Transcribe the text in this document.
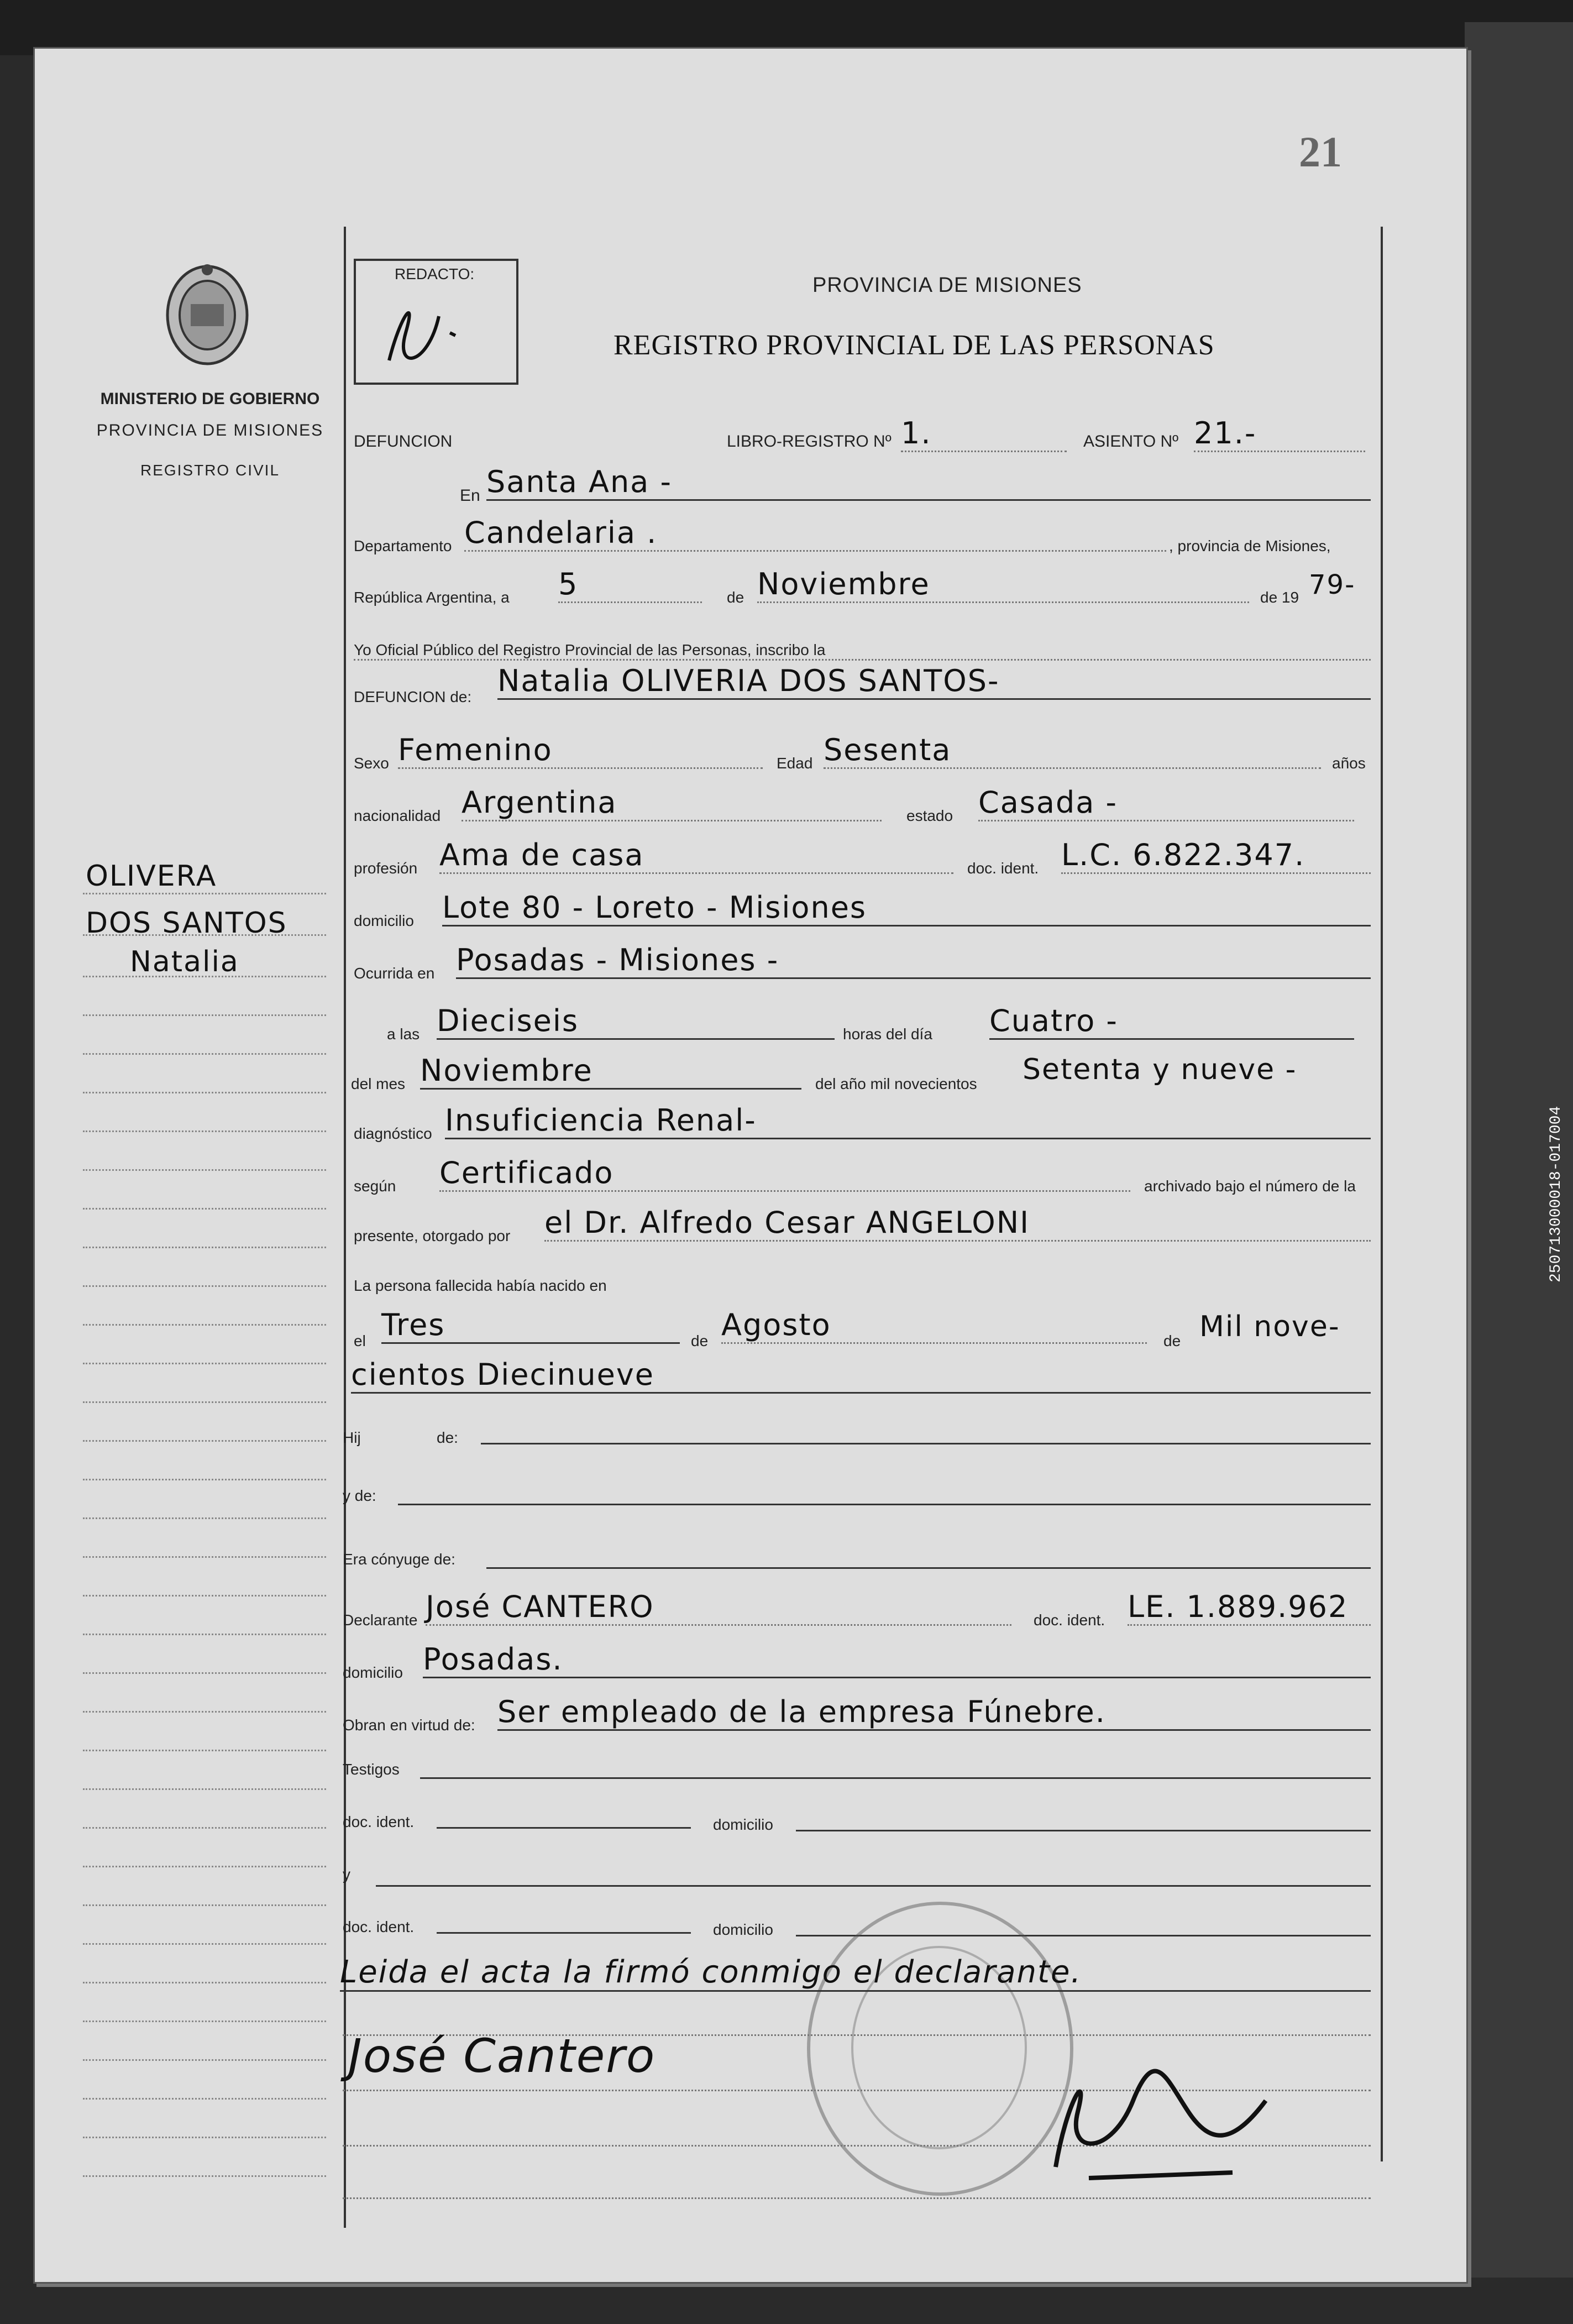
250713000018-017004
21
MINISTERIO DE GOBIERNO
PROVINCIA DE MISIONES
REGISTRO CIVIL
REDACTO:	PROVINCIA DE MISIONES
REGISTRO PROVINCIAL DE LAS PERSONAS
DEFUNCION	LIBRO-REGISTRO Nº 1.	ASIENTO Nº 21.-
OLIVERA
DOS SANTOS
Natalia
En Santa Ana -
Departamento Candelaria .	, provincia de Misiones,
República Argentina, a 5	de Noviembre	de 19 79-
Yo Oficial Público del Registro Provincial de las Personas, inscribo la
DEFUNCION de: Natalia OLIVERIA DOS SANTOS-
Sexo Femenino	Edad Sesenta	años
nacionalidad Argentina	estado Casada -
profesión Ama de casa	doc. ident. L.C. 6.822.347.
domicilio Lote 80 - Loreto - Misiones
Ocurrida en Posadas - Misiones -
a las Dieciseis	horas del día Cuatro -
del mes Noviembre	del año mil novecientos Setenta y nueve -
diagnóstico Insuficiencia Renal-
según Certificado	archivado bajo el número de la
presente, otorgado por el Dr. Alfredo Cesar ANGELONI
La persona fallecida había nacido en
el Tres	de Agosto	de Mil nove-
cientos Diecinueve
Hij	de:
y de:
Era cónyuge de:
Declarante José CANTERO	doc. ident. LE. 1.889.962
domicilio Posadas.
Obran en virtud de: Ser empleado de la empresa Fúnebre.
Testigos
doc. ident.	domicilio
y
doc. ident.	domicilio
Leida el acta la firmó conmigo el declarante.
José Cantero
